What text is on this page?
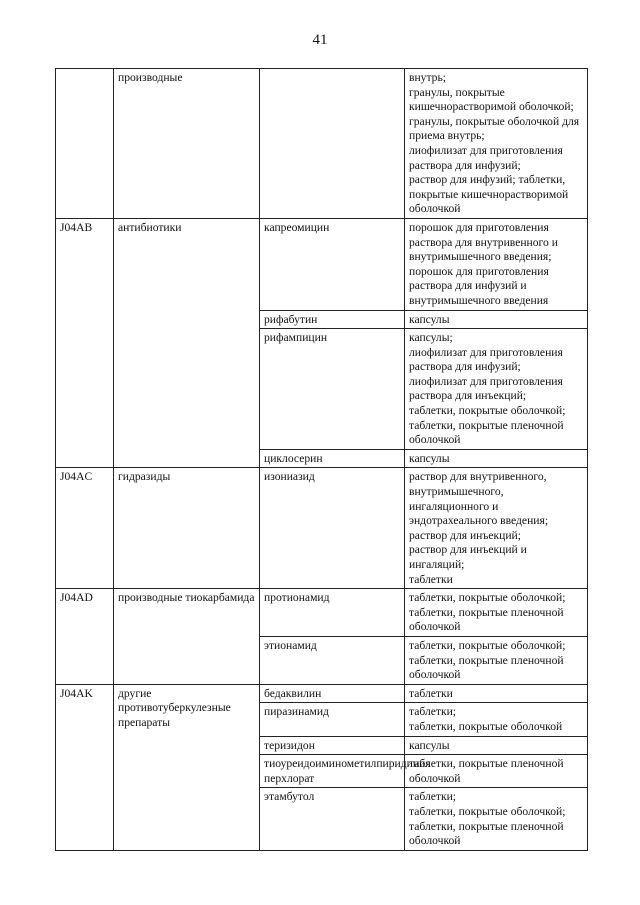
41
	производные		внутрь;
гранулы, покрытые кишечнорастворимой оболочкой; гранулы, покрытые оболочкой для приема внутрь;
лиофилизат для приготовления раствора для инфузий;
раствор для инфузий; таблетки, покрытые кишечнорастворимой оболочкой
J04AB	антибиотики	капреомицин	порошок для приготовления раствора для внутривенного и внутримышечного введения;
порошок для приготовления раствора для инфузий и внутримышечного введения
		рифабутин	капсулы
		рифампицин	капсулы;
лиофилизат для приготовления раствора для инфузий;
лиофилизат для приготовления раствора для инъекций;
таблетки, покрытые оболочкой;
таблетки, покрытые пленочной оболочкой
		циклосерин	капсулы
J04AC	гидразиды	изониазид	раствор для внутривенного, внутримышечного, ингаляционного и эндотрахеального введения;
раствор для инъекций;
раствор для инъекций и ингаляций;
таблетки
J04AD	производные тиокарбамида	протионамид	таблетки, покрытые оболочкой;
таблетки, покрытые пленочной оболочкой
		этионамид	таблетки, покрытые оболочкой;
таблетки, покрытые пленочной оболочкой
J04AK	другие противотуберкулезные препараты	бедаквилин	таблетки
		пиразинамид	таблетки;
таблетки, покрытые оболочкой
		теризидон	капсулы
		тиоуреидоиминометилпиридиния перхлорат	таблетки, покрытые пленочной оболочкой
		этамбутол	таблетки;
таблетки, покрытые оболочкой;
таблетки, покрытые пленочной оболочкой
